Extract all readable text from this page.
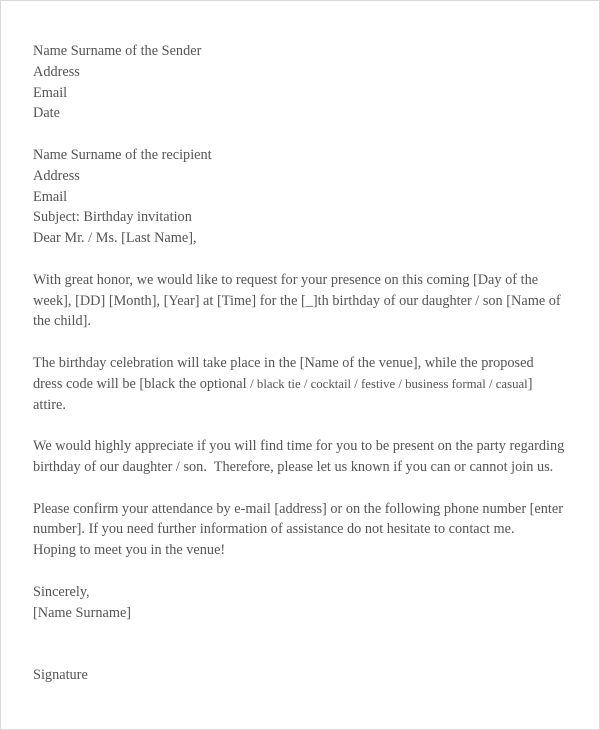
Name Surname of the Sender
Address
Email
Date
Name Surname of the recipient
Address
Email
Subject: Birthday invitation
Dear Mr. / Ms. [Last Name],
With great honor, we would like to request for your presence on this coming [Day of the
week], [DD] [Month], [Year] at [Time] for the [_]th birthday of our daughter / son [Name of
the child].
The birthday celebration will take place in the [Name of the venue], while the proposed
dress code will be [black the optional / black tie / cocktail / festive / business formal / casual]
attire.
We would highly appreciate if you will find time for you to be present on the party regarding
birthday of our daughter / son.  Therefore, please let us known if you can or cannot join us.
Please confirm your attendance by e-mail [address] or on the following phone number [enter
number]. If you need further information of assistance do not hesitate to contact me.
Hoping to meet you in the venue!
Sincerely,
[Name Surname]
Signature
